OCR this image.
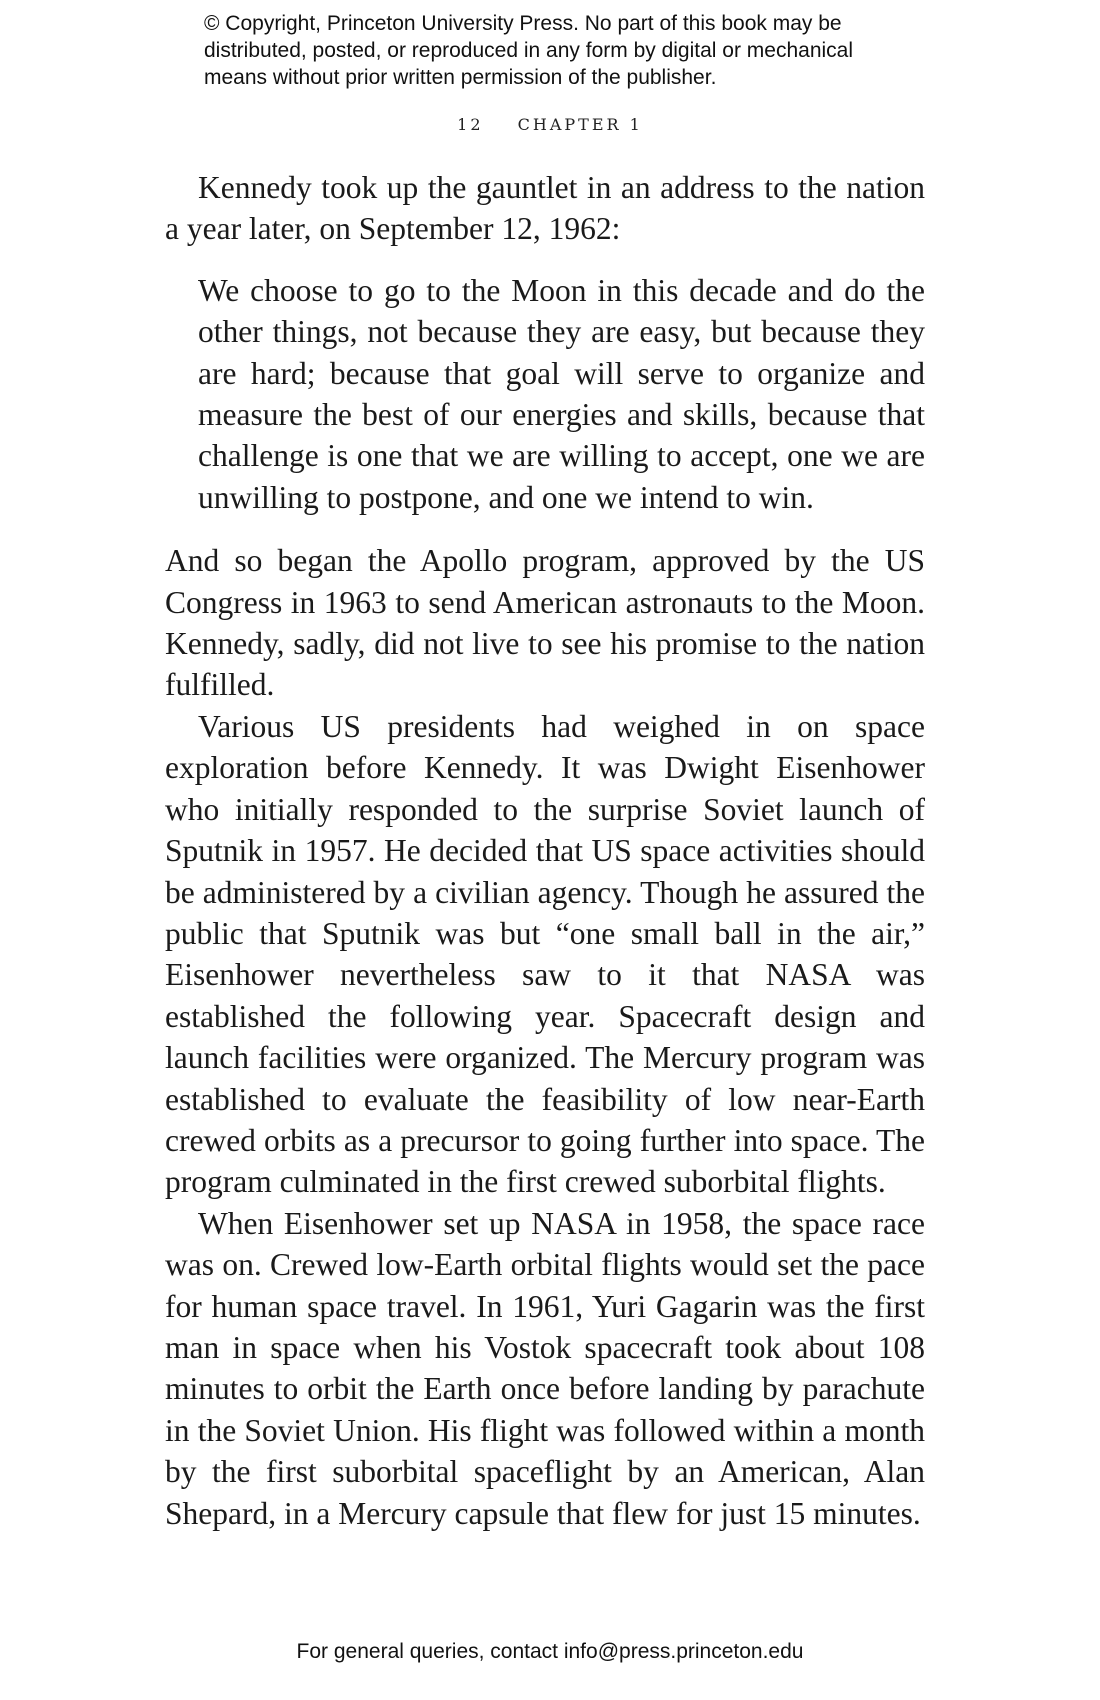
© Copyright, Princeton University Press. No part of this book may be
distributed, posted, or reproduced in any form by digital or mechanical
means without prior written permission of the publisher.
12 CHAPTER 1

Kennedy took up the gauntlet in an address to the nation a year later, on September 12, 1962:

We choose to go to the Moon in this decade and do the other things, not because they are easy, but because they are hard; because that goal will serve to organize and measure the best of our energies and skills, because that challenge is one that we are willing to accept, one we are unwilling to postpone, and one we intend to win.

And so began the Apollo program, approved by the US Congress in 1963 to send American astronauts to the Moon. Kennedy, sadly, did not live to see his promise to the nation fulfilled.

Various US presidents had weighed in on space exploration before Kennedy. It was Dwight Eisenhower who initially responded to the surprise Soviet launch of Sputnik in 1957. He decided that US space activities should be administered by a civilian agency. Though he assured the public that Sputnik was but “one small ball in the air,” Eisenhower nevertheless saw to it that NASA was established the following year. Spacecraft design and launch facilities were organized. The Mercury program was established to evaluate the feasibility of low near-Earth crewed orbits as a precursor to going further into space. The program culminated in the first crewed suborbital flights.

When Eisenhower set up NASA in 1958, the space race was on. Crewed low-Earth orbital flights would set the pace for human space travel. In 1961, Yuri Gagarin was the first man in space when his Vostok spacecraft took about 108 minutes to orbit the Earth once before landing by parachute in the Soviet Union. His flight was followed within a month by the first suborbital spaceflight by an American, Alan Shepard, in a Mercury capsule that flew for just 15 minutes.

For general queries, contact info@press.princeton.edu
